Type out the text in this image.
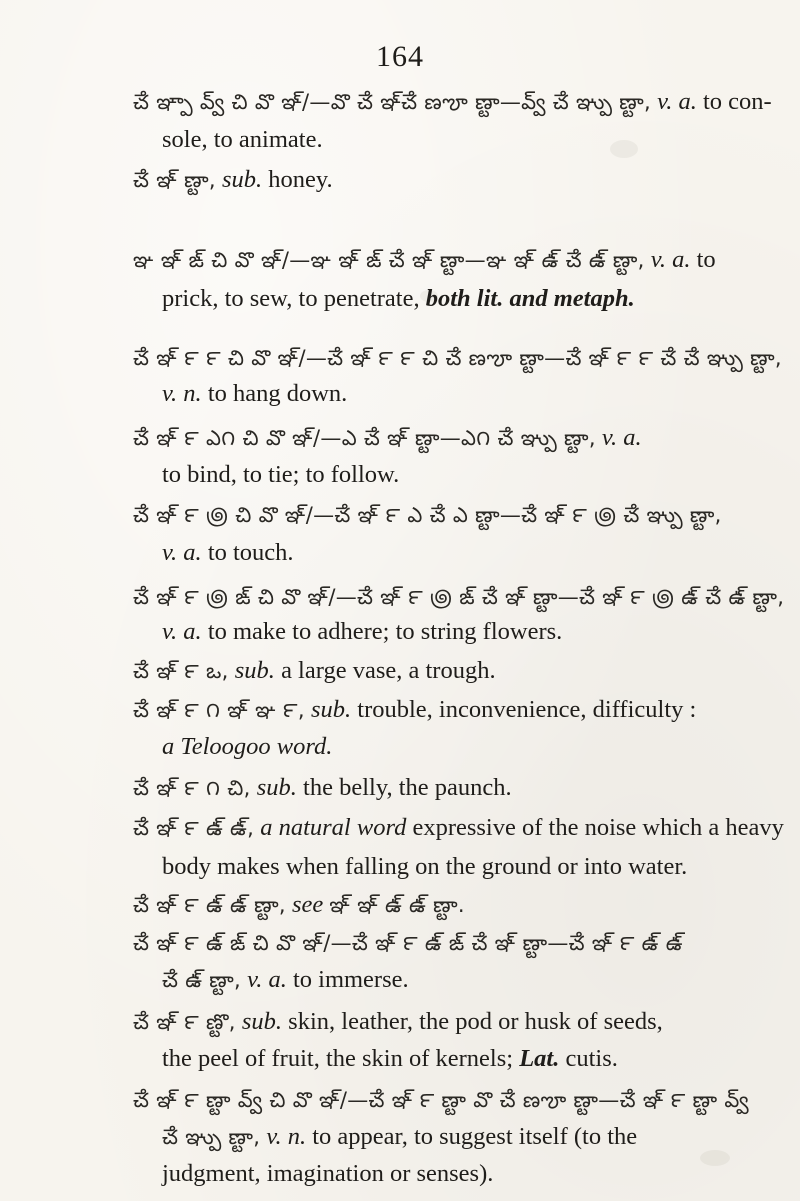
164
ౘ ఞ్పా వ్వ్ చి వొ ఞ్/—వొ ౘ ఞ్ౘ ణౡ ణ్టా—వ్వ్ ౘ ఞ్పు ణ్టా, v. a. to con-
sole, to animate.
ౘ ఞ్ ణ్టా, sub. honey.
ఞ ఞ్ ఙ్ చి వొ ఞ్/—ఞ ఞ్ ఙ్ ౘ ఞ్ ణ్టా—ఞ ఞ్ ఉ్ ౘ ఉ్ ణ్టా, v. a. to
prick, to sew, to penetrate, both lit. and metaph.
ౘ ఞ్ ౯ ౯ చి వొ ఞ్/—ౘ ఞ్ ౯ ౯ చి ౘ ణౡ ణ్టా—ౘ ఞ్ ౯ ౯ ౘ ౘ ఞ్పు ణ్టా,
v. n. to hang down.
ౘ ఞ్ ౯ ఎ౧ చి వొ ఞ్/—ఎ ౘ ఞ్ ణ్టా—ఎ౧ ౘ ఞ్పు ణ్టా, v. a.
to bind, to tie; to follow.
ౘ ఞ్ ౯ ౷ చి వొ ఞ్/—ౘ ఞ్ ౯ ఎ ౘ ఎ ణ్టా—ౘ ఞ్ ౯ ౷ ౘ ఞ్పు ణ్టా,
v. a. to touch.
ౘ ఞ్ ౯ ౷ ఙ్ చి వొ ఞ్/—ౘ ఞ్ ౯ ౷ ఙ్ ౘ ఞ్ ణ్టా—ౘ ఞ్ ౯ ౷ ఉ్ ౘ ఉ్ ణ్టా,
v. a. to make to adhere; to string flowers.
ౘ ఞ్ ౯ ఒ, sub. a large vase, a trough.
ౘ ఞ్ ౯ ౧ ఞ్ ఞ ౯, sub. trouble, inconvenience, difficulty :
a Teloogoo word.
ౘ ఞ్ ౯ ౧ చి, sub. the belly, the paunch.
ౘ ఞ్ ౯ ఉ్ ఉ్, a natural word expressive of the noise which a heavy
body makes when falling on the ground or into water.
ౘ ఞ్ ౯ ఉ్ ఉ్ ణ్టా, see ఞ్ ఞ్ ఉ్ ఉ్ ణ్టా.
ౘ ఞ్ ౯ ఉ్ ఙ్ చి వొ ఞ్/—ౘ ఞ్ ౯ ఉ్ ఙ్ ౘ ఞ్ ణ్టా—ౘ ఞ్ ౯ ఉ్ ఉ్
ౘ ఉ్ ణ్టా, v. a. to immerse.
ౘ ఞ్ ౯ ణ్టొ, sub. skin, leather, the pod or husk of seeds,
the peel of fruit, the skin of kernels; Lat. cutis.
ౘ ఞ్ ౯ ణ్టా వ్వ్ చి వొ ఞ్/—ౘ ఞ్ ౯ ణ్టా వొ ౘ ణౡ ణ్టా—ౘ ఞ్ ౯ ణ్టా వ్వ్
ౘ ఞ్పు ణ్టా, v. n. to appear, to suggest itself (to the
judgment, imagination or senses).
